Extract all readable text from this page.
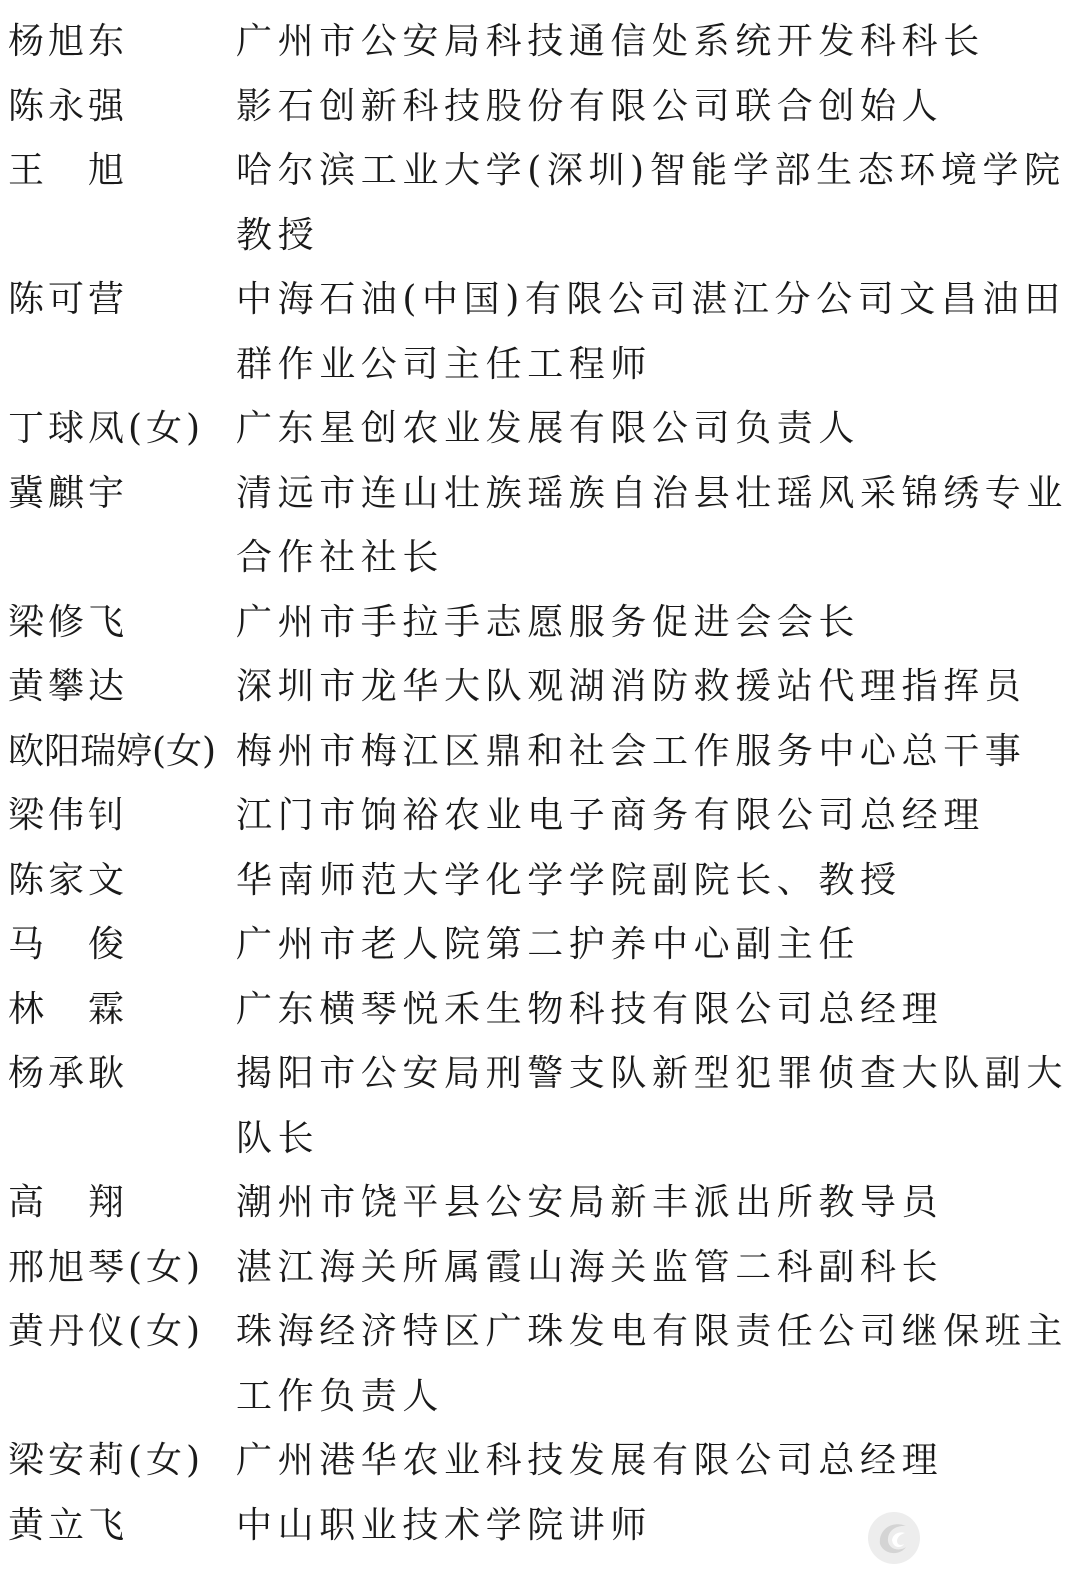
杨旭东	广州市公安局科技通信处系统开发科科长
陈永强	影石创新科技股份有限公司联合创始人
王　旭	哈尔滨工业大学(深圳)智能学部生态环境学院教授
陈可营	中海石油(中国)有限公司湛江分公司文昌油田群作业公司主任工程师
丁球凤(女) 广东星创农业发展有限公司负责人
冀麒宇	清远市连山壮族瑶族自治县壮瑶风采锦绣专业合作社社长
梁修飞	广州市手拉手志愿服务促进会会长
黄攀达	深圳市龙华大队观湖消防救援站代理指挥员
欧阳瑞婷(女) 梅州市梅江区鼎和社会工作服务中心总干事
梁伟钊	江门市饷裕农业电子商务有限公司总经理
陈家文	华南师范大学化学学院副院长、教授
马　俊	广州市老人院第二护养中心副主任
林　霖	广东横琴悦禾生物科技有限公司总经理
杨承耿	揭阳市公安局刑警支队新型犯罪侦查大队副大队长
高　翔	潮州市饶平县公安局新丰派出所教导员
邢旭琴(女) 湛江海关所属霞山海关监管二科副科长
黄丹仪(女) 珠海经济特区广珠发电有限责任公司继保班主工作负责人
梁安莉(女) 广州港华农业科技发展有限公司总经理
黄立飞	中山职业技术学院讲师
